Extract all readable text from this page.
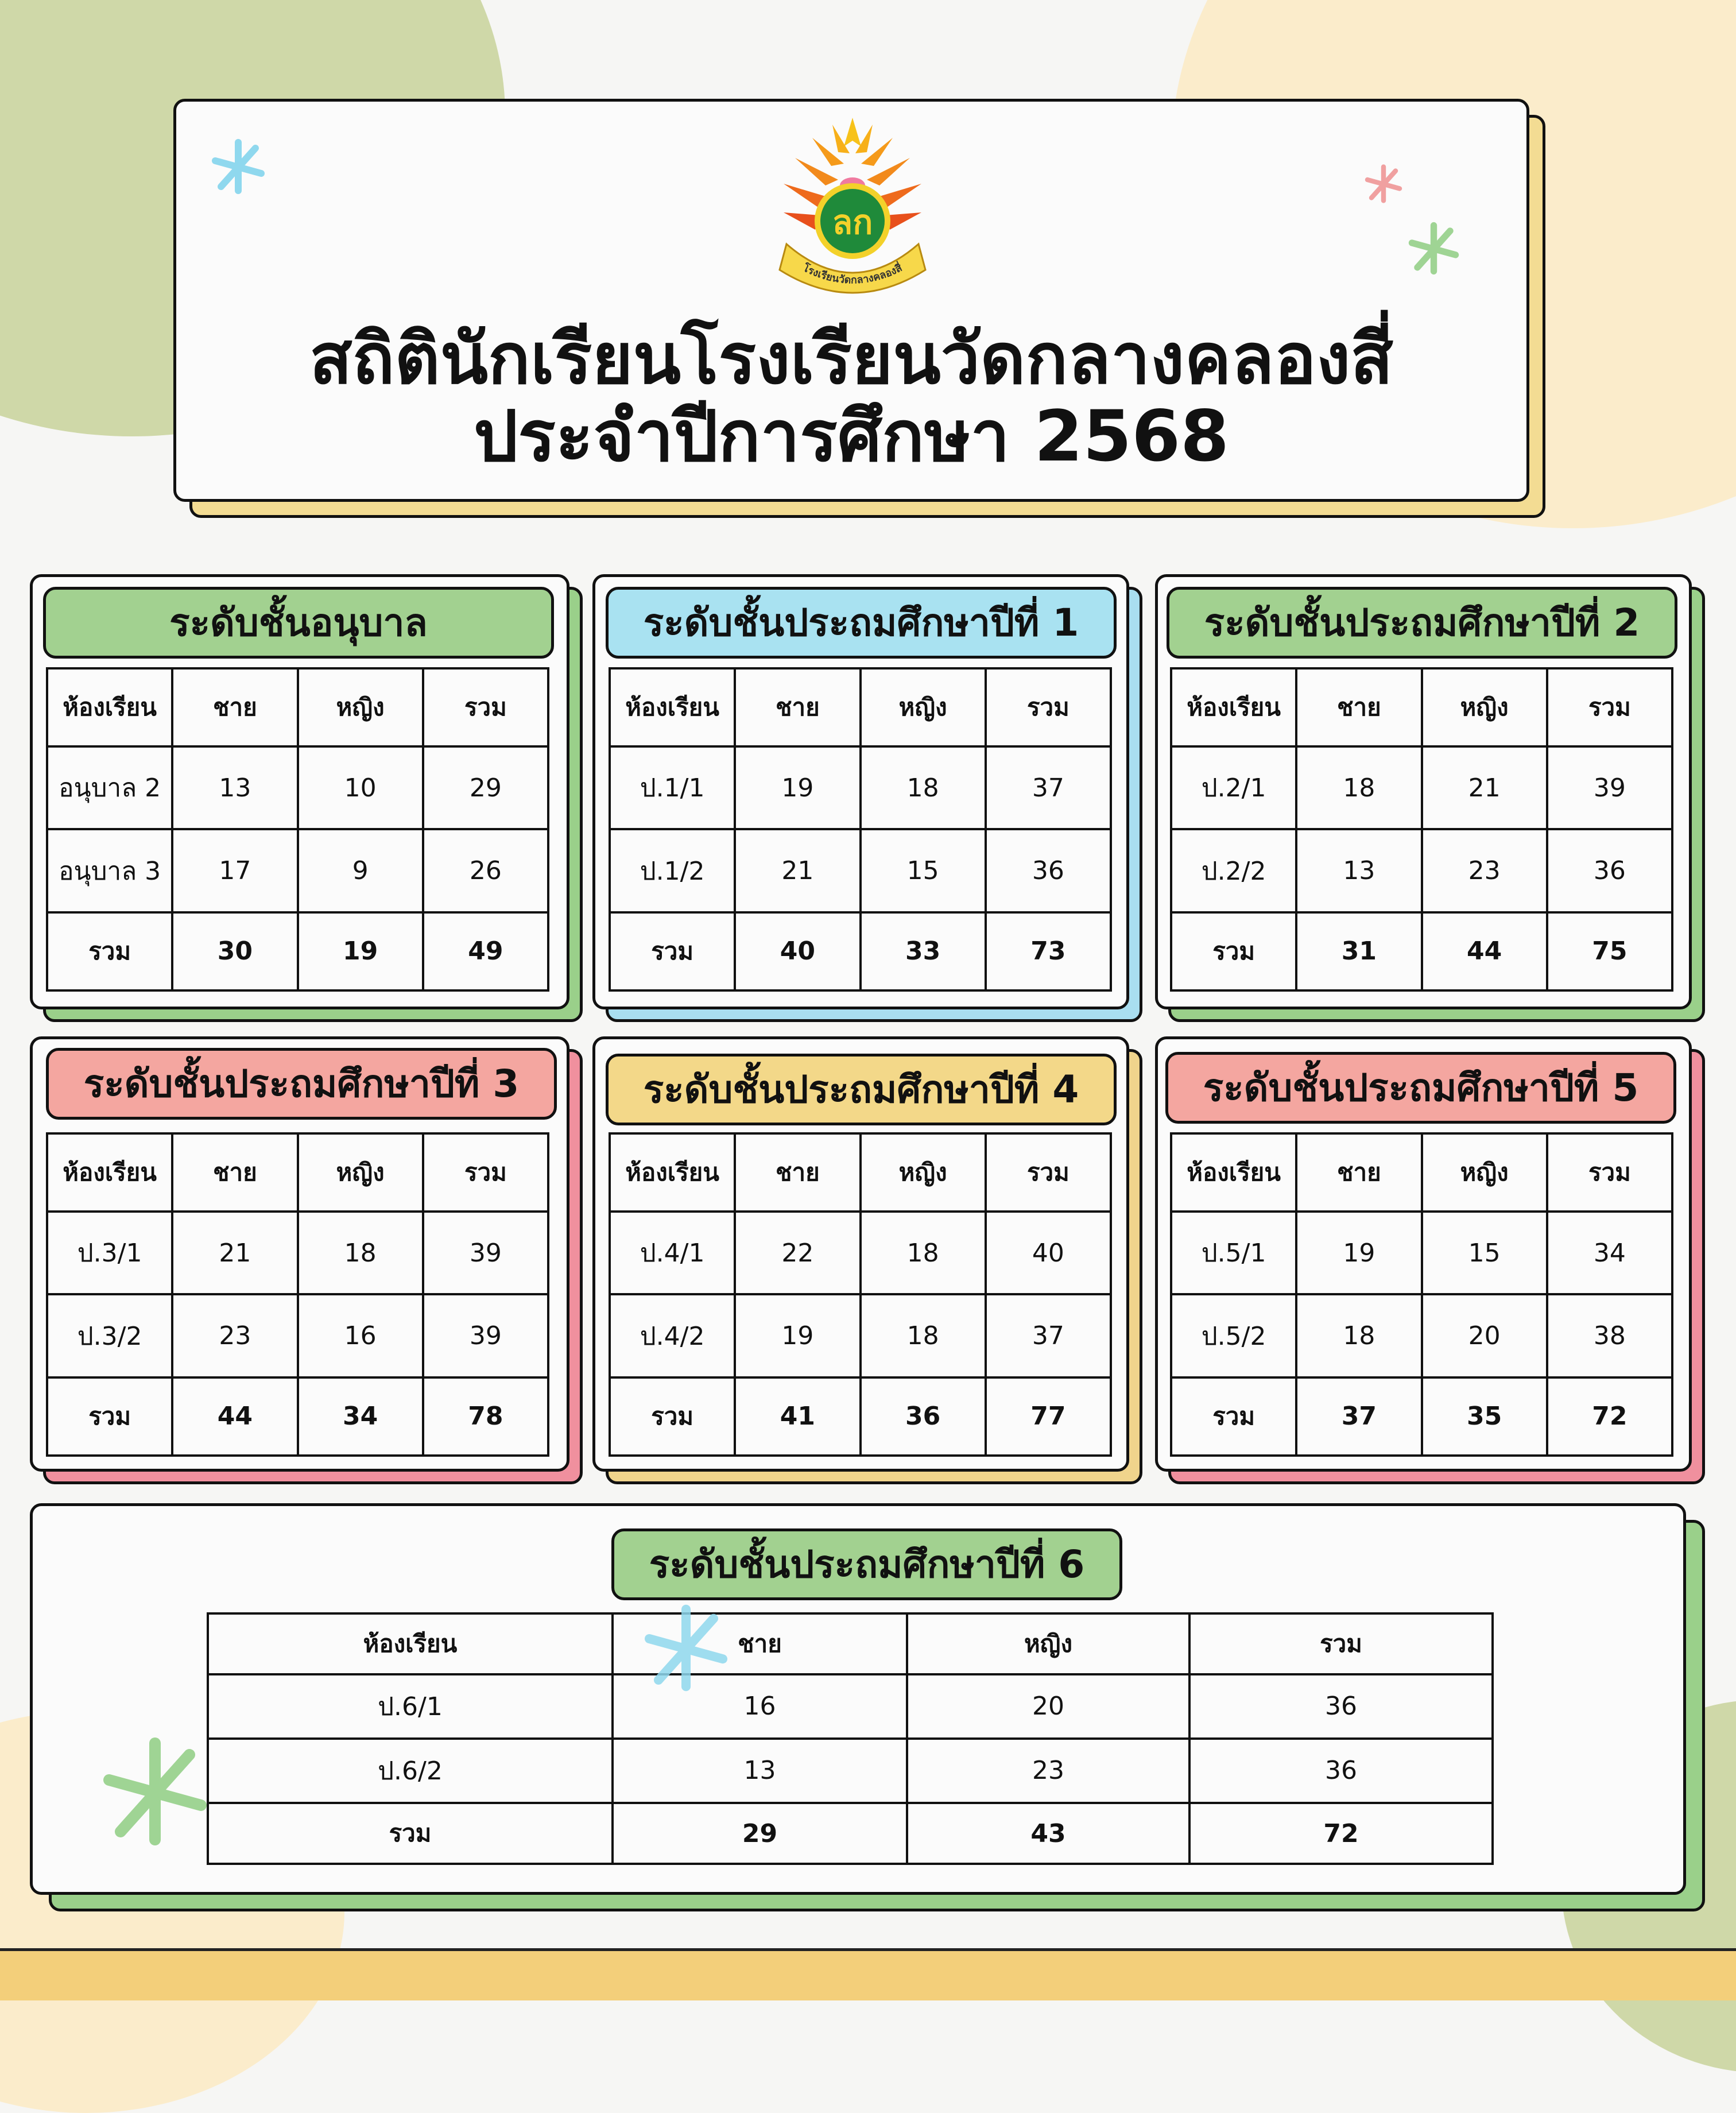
ลก
โรงเรียนวัดกลางคลองสี่
สถิตินักเรียนโรงเรียนวัดกลางคลองสี่
ประจำปีการศึกษา 2568
ระดับชั้นอนุบาล	ระดับชั้นประถมศึกษาปีที่ 1	ระดับชั้นประถมศึกษาปีที่ 2
ระดับชั้นประถมศึกษาปีที่ 3	ระดับชั้นประถมศึกษาปีที่ 4	ระดับชั้นประถมศึกษาปีที่ 5
ระดับชั้นประถมศึกษาปีที่ 6
ห้องเรียน	ชาย	หญิง	รวม
อนุบาล 2	13	10	29
อนุบาล 3	17	9	26
รวม	30	19	49
ห้องเรียน	ชาย	หญิง	รวม
ป.1/1	19	18	37
ป.1/2	21	15	36
รวม	40	33	73
ห้องเรียน	ชาย	หญิง	รวม
ป.2/1	18	21	39
ป.2/2	13	23	36
รวม	31	44	75
ห้องเรียน	ชาย	หญิง	รวม
ป.3/1	21	18	39
ป.3/2	23	16	39
รวม	44	34	78
ห้องเรียน	ชาย	หญิง	รวม
ป.4/1	22	18	40
ป.4/2	19	18	37
รวม	41	36	77
ห้องเรียน	ชาย	หญิง	รวม
ป.5/1	19	15	34
ป.5/2	18	20	38
รวม	37	35	72
ห้องเรียน	ชาย	หญิง	รวม
ป.6/1	16	20	36
ป.6/2	13	23	36
รวม	29	43	72
